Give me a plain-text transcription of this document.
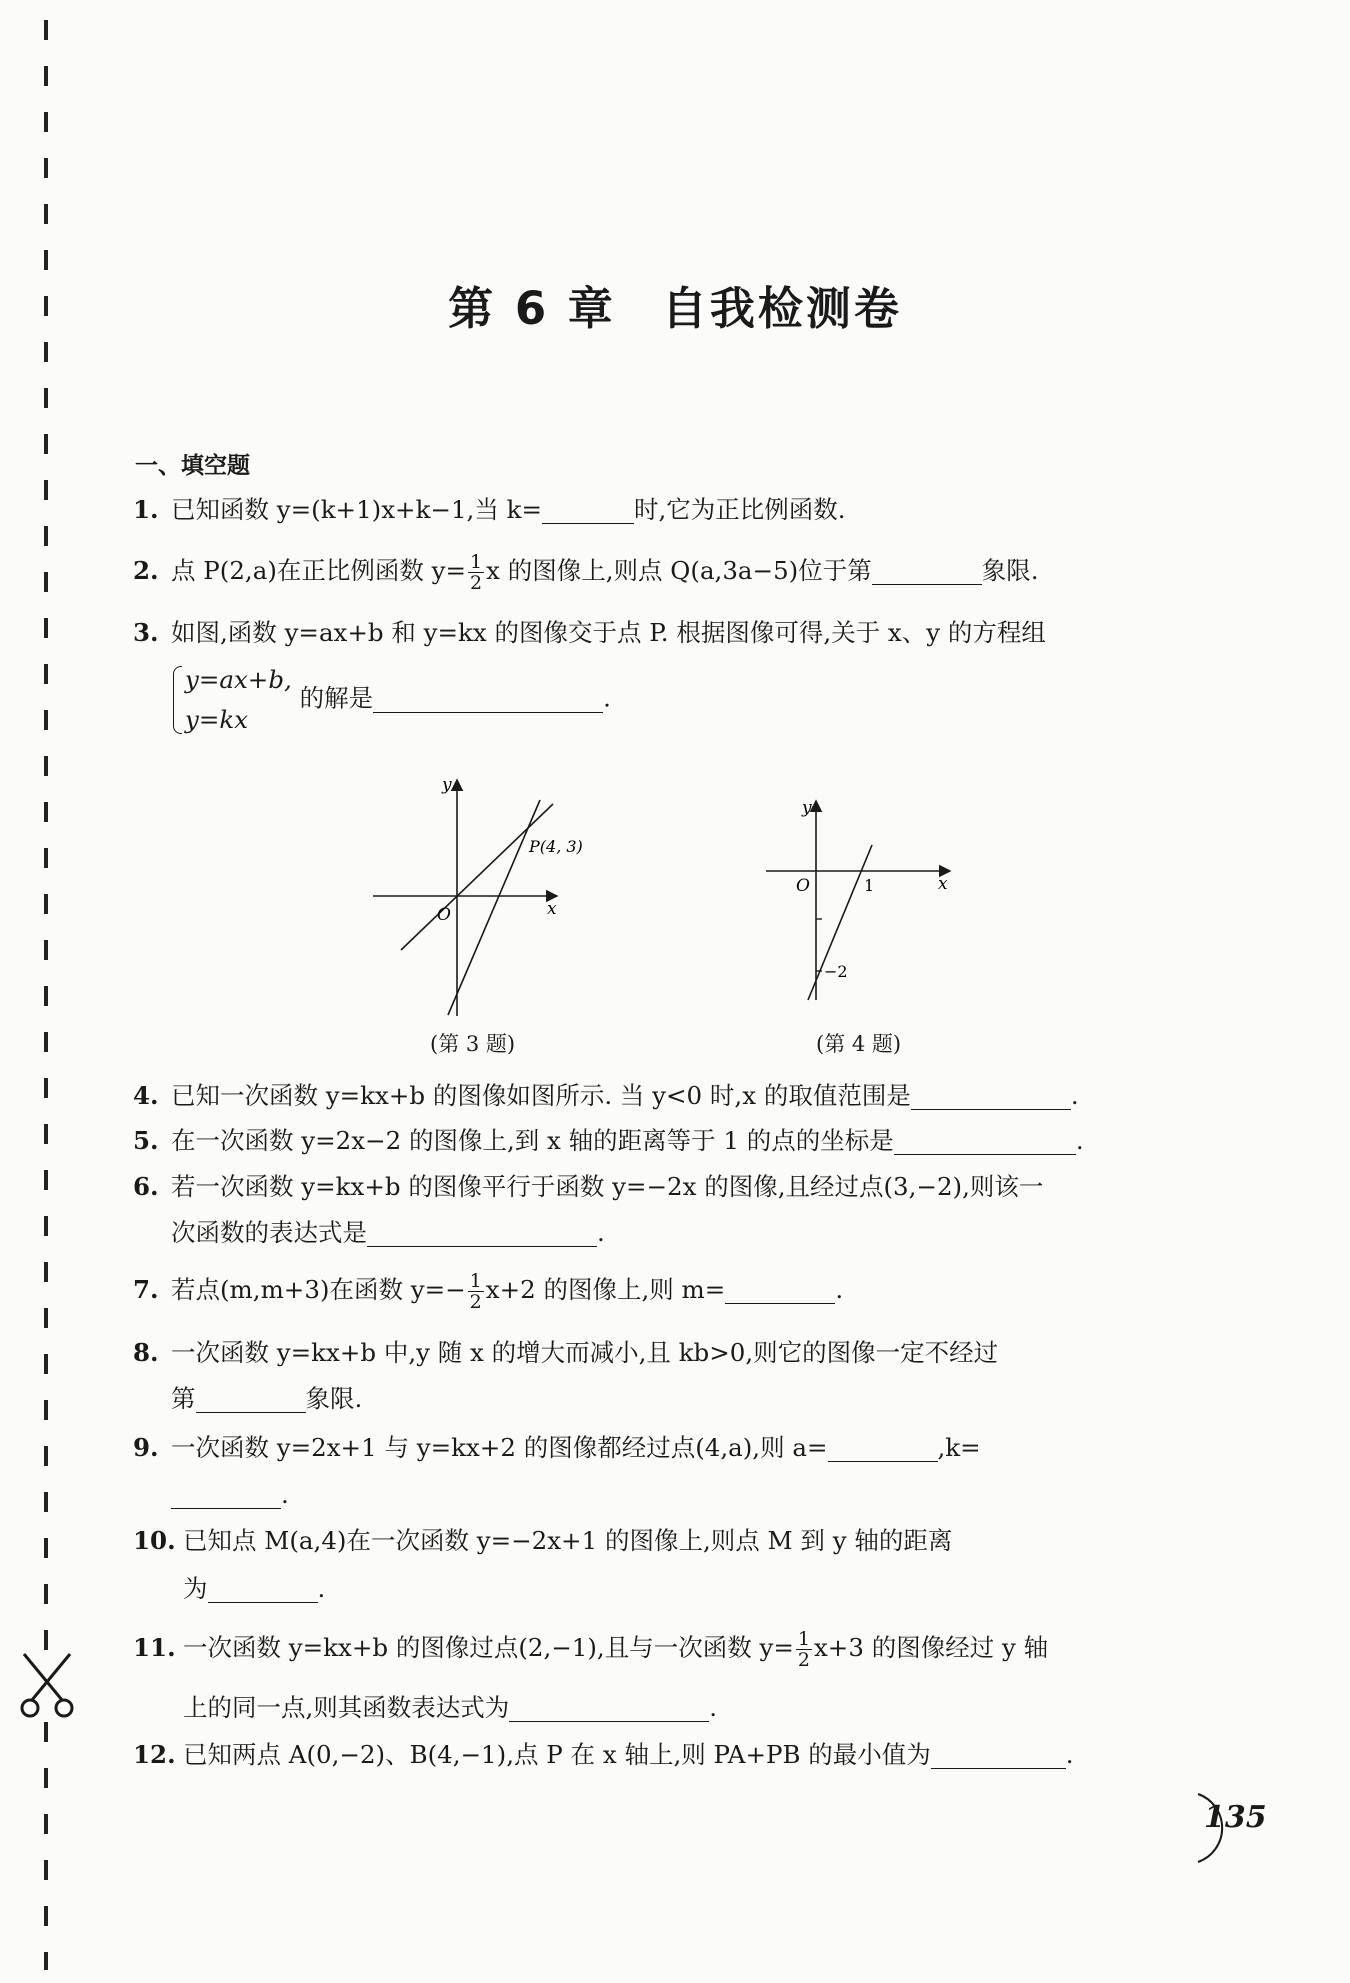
第 6 章 自我检测卷
一、填空题
1. 已知函数 y=(k+1)x+k−1,当 k=	时,它为正比例函数.
2. 点 P(2,a)在正比例函数 $y= \frac{1}{2}$ x 的图像上,则点 Q(a,3a−5)位于第	象限.
3. 如图,函数 y=ax+b 和 y=kx 的图像交于点 P. 根据图像可得,关于 x、y 的方程组
y=ax+b,
y=kx
的解是	.
y
x
O
P(4, 3)
(第 3 题)
y
x
O	1
−2
(第 4 题)
4. 已知一次函数 y=kx+b 的图像如图所示. 当 y<0 时,x 的取值范围是	.
5. 在一次函数 y=2x−2 的图像上,到 x 轴的距离等于 1 的点的坐标是	.
6. 若一次函数 y=kx+b 的图像平行于函数 y=−2x 的图像,且经过点(3,−2),则该一
次函数的表达式是	.
7. 若点(m,m+3)在函数 $y=- \frac{1}{2} x+2$ 的图像上,则 m=	.
8. 一次函数 y=kx+b 中,y 随 x 的增大而减小,且 kb>0,则它的图像一定不经过
第	象限.
9. 一次函数 y=2x+1 与 y=kx+2 的图像都经过点(4,a),则 a=	,k=
.
10. 已知点 M(a,4)在一次函数 y=−2x+1 的图像上,则点 M 到 y 轴的距离
为	.
11. 一次函数 y=kx+b 的图像过点(2,−1),且与一次函数 $y= \frac{1}{2} x+3$ 的图像经过 y 轴
上的同一点,则其函数表达式为	.
12. 已知两点 A(0,−2)、B(4,−1),点 P 在 x 轴上,则 PA+PB 的最小值为	.
135
